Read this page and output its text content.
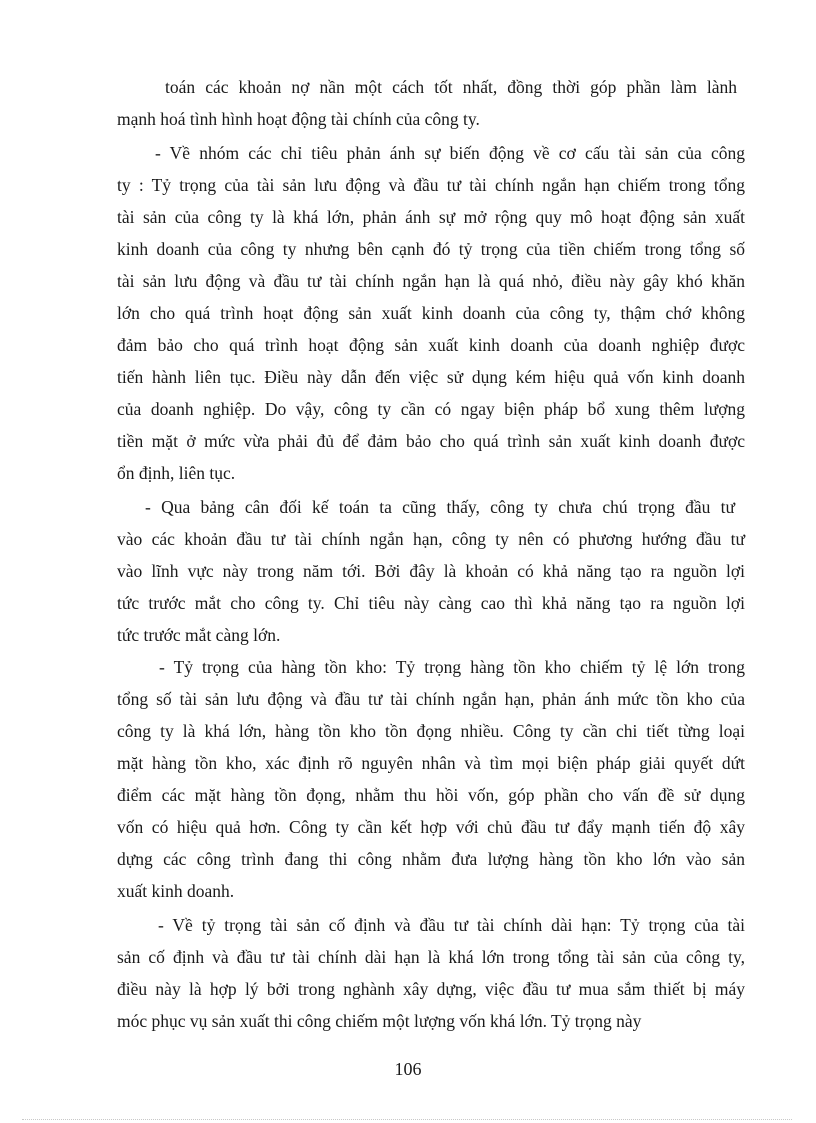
toán các khoản nợ nần một cách tốt nhất, đồng thời góp phần làm lành
mạnh hoá tình hình hoạt động tài chính của công ty.
- Về nhóm các chỉ tiêu phản ánh sự biến động về cơ cấu tài sản của công
ty : Tỷ trọng của tài sản lưu động và đầu tư tài chính ngắn hạn chiếm trong tổng
tài sản của công ty là khá lớn, phản ánh sự mở rộng quy mô hoạt động sản xuất
kinh doanh của công ty nhưng bên cạnh đó tỷ trọng của tiền chiếm trong tổng số
tài sản lưu động và đầu tư tài chính ngắn hạn là quá nhỏ, điều này gây khó khăn
lớn cho quá trình hoạt động sản xuất kinh doanh của công ty, thậm chớ không
đảm bảo cho quá trình hoạt động sản xuất kinh doanh của doanh nghiệp được
tiến hành liên tục. Điều này dẫn đến việc sử dụng kém hiệu quả vốn kinh doanh
của doanh nghiệp. Do vậy, công ty cần có ngay biện pháp bổ xung thêm lượng
tiền mặt ở mức vừa phải đủ để đảm bảo cho quá trình sản xuất kinh doanh được
ổn định, liên tục.
- Qua bảng cân đối kế toán ta cũng thấy, công ty chưa chú trọng đầu tư
vào các khoản đầu tư tài chính ngắn hạn, công ty nên có phương hướng đầu tư
vào lĩnh vực này trong năm tới. Bởi đây là khoản có khả năng tạo ra nguồn lợi
tức trước mắt cho công ty. Chỉ tiêu này càng cao thì khả năng tạo ra nguồn lợi
tức trước mắt càng lớn.
- Tỷ trọng của hàng tồn kho: Tỷ trọng hàng tồn kho chiếm tỷ lệ lớn trong
tổng số tài sản lưu động và đầu tư tài chính ngắn hạn, phản ánh mức tồn kho của
công ty là khá lớn, hàng tồn kho tồn đọng nhiều. Công ty cần chi tiết từng loại
mặt hàng tồn kho, xác định rõ nguyên nhân và tìm mọi biện pháp giải quyết dứt
điểm các mặt hàng tồn đọng, nhằm thu hồi vốn, góp phần cho vấn đề sử dụng
vốn có hiệu quả hơn. Công ty cần kết hợp với chủ đầu tư đẩy mạnh tiến độ xây
dựng các công trình đang thi công nhằm đưa lượng hàng tồn kho lớn vào sản
xuất kinh doanh.
- Về tỷ trọng tài sản cố định và đầu tư tài chính dài hạn: Tỷ trọng của tài
sản cố định và đầu tư tài chính dài hạn là khá lớn trong tổng tài sản của công ty,
điều này là hợp lý bởi trong nghành xây dựng, việc đầu tư mua sắm thiết bị máy
móc phục vụ sản xuất thi công chiếm một lượng vốn khá lớn. Tỷ trọng này
106
